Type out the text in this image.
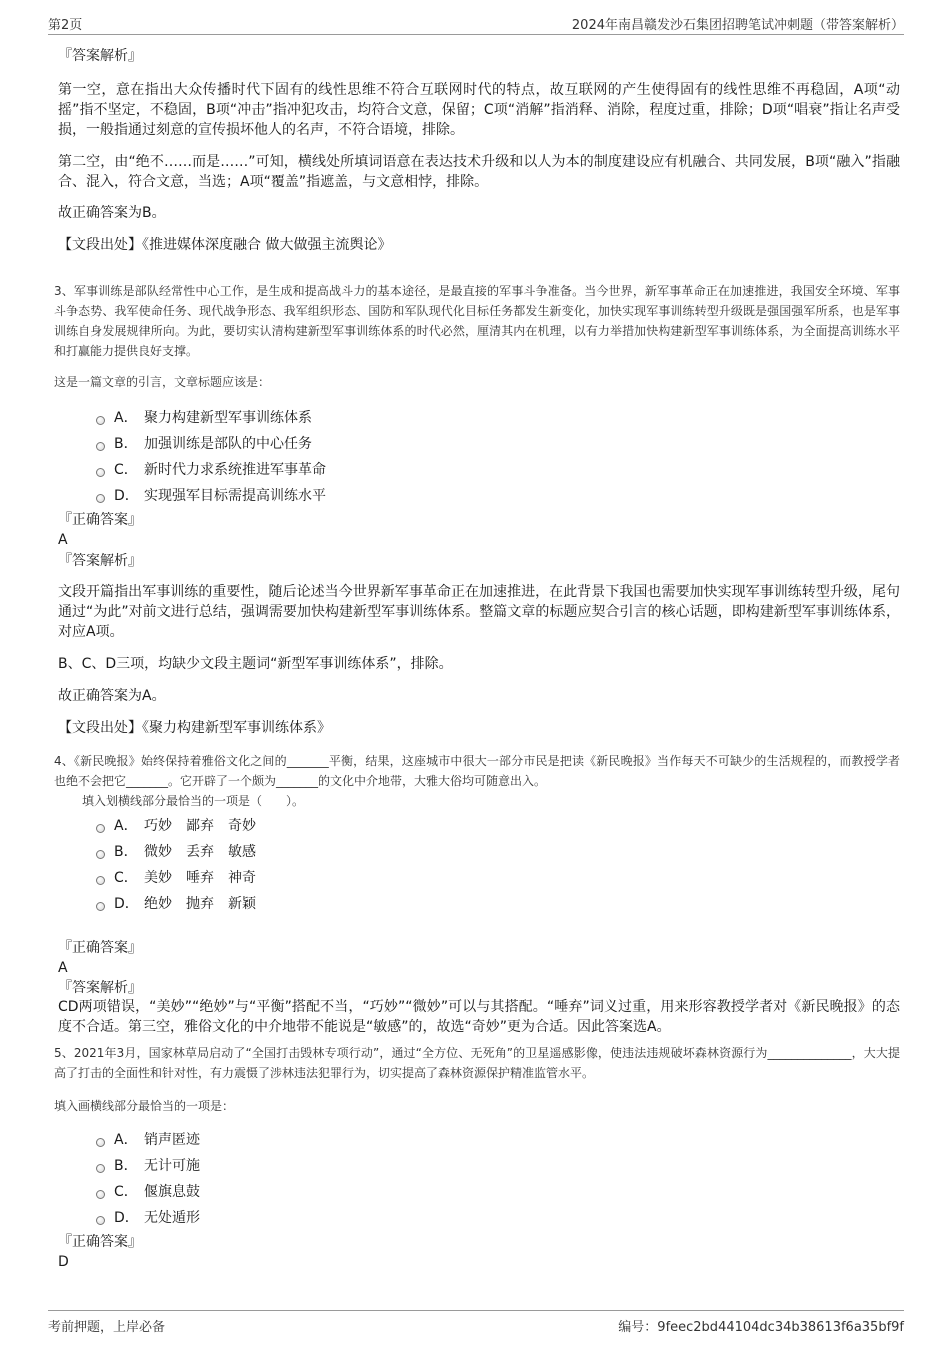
第2页	2024年南昌赣发沙石集团招聘笔试冲刺题（带答案解析）
『答案解析』
第一空，意在指出大众传播时代下固有的线性思维不符合互联网时代的特点，故互联网的产生使得固有的线性思维不再稳固，A项“动摇”指不坚定，不稳固，B项“冲击”指冲犯攻击，均符合文意，保留；C项“消解”指消释、消除，程度过重，排除；D项“唱衰”指让名声受损，一般指通过刻意的宣传损坏他人的名声，不符合语境，排除。
第二空，由“绝不……而是……”可知，横线处所填词语意在表达技术升级和以人为本的制度建设应有机融合、共同发展，B项“融入”指融合、混入，符合文意，当选；A项“覆盖”指遮盖，与文意相悖，排除。
故正确答案为B。
【文段出处】《推进媒体深度融合 做大做强主流舆论》
3、军事训练是部队经常性中心工作，是生成和提高战斗力的基本途径，是最直接的军事斗争准备。当今世界，新军事革命正在加速推进，我国安全环境、军事斗争态势、我军使命任务、现代战争形态、我军组织形态、国防和军队现代化目标任务都发生新变化，加快实现军事训练转型升级既是强国强军所系，也是军事训练自身发展规律所向。为此，要切实认清构建新型军事训练体系的时代必然，厘清其内在机理，以有力举措加快构建新型军事训练体系，为全面提高训练水平和打赢能力提供良好支撑。
这是一篇文章的引言，文章标题应该是：
A． 聚力构建新型军事训练体系
B． 加强训练是部队的中心任务
C． 新时代力求系统推进军事革命
D． 实现强军目标需提高训练水平
『正确答案』
A
『答案解析』
文段开篇指出军事训练的重要性，随后论述当今世界新军事革命正在加速推进，在此背景下我国也需要加快实现军事训练转型升级，尾句通过“为此”对前文进行总结，强调需要加快构建新型军事训练体系。整篇文章的标题应契合引言的核心话题，即构建新型军事训练体系，对应A项。
B、C、D三项，均缺少文段主题词“新型军事训练体系”，排除。
故正确答案为A。
【文段出处】《聚力构建新型军事训练体系》
4、《新民晚报》始终保持着雅俗文化之间的_______平衡，结果，这座城市中很大一部分市民是把读《新民晚报》当作每天不可缺少的生活规程的，而教授学者也绝不会把它_______。它开辟了一个颇为_______的文化中介地带，大雅大俗均可随意出入。
填入划横线部分最恰当的一项是（　　）。
A． 巧妙　鄙弃　奇妙
B． 微妙　丢弃　敏感
C． 美妙　唾弃　神奇
D． 绝妙　抛弃　新颖
『正确答案』
A
『答案解析』
CD两项错误，“美妙”“绝妙”与“平衡”搭配不当，“巧妙”“微妙”可以与其搭配。“唾弃”词义过重，用来形容教授学者对《新民晚报》的态度不合适。第三空，雅俗文化的中介地带不能说是“敏感”的，故选“奇妙”更为合适。因此答案选A。
5、2021年3月，国家林草局启动了“全国打击毁林专项行动”，通过“全方位、无死角”的卫星遥感影像，使违法违规破坏森林资源行为______________，大大提高了打击的全面性和针对性，有力震慑了涉林违法犯罪行为，切实提高了森林资源保护精准监管水平。
填入画横线部分最恰当的一项是：
A． 销声匿迹
B． 无计可施
C． 偃旗息鼓
D． 无处遁形
『正确答案』
D
考前押题，上岸必备	编号：9feec2bd44104dc34b38613f6a35bf9f
